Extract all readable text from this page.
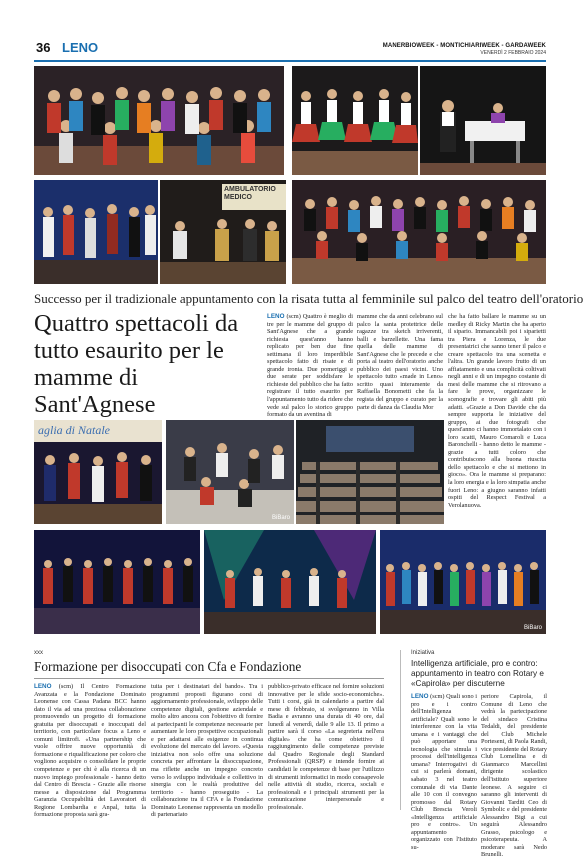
36 LENO	MANERBIOWEEK - MONTICHIARIWEEK - GARDAWEEK
VENERDÌ 2 FEBBRAIO 2024
AMBULATORIO MEDICO
Successo per il tradizionale appuntamento con la risata tutta al femminile sul palco del teatro dell'oratorio
Quattro spettacoli da tutto esaurito per le mamme di Sant'Agnese
LENO (scm) Quattro è meglio di tre per le mamme del gruppo di Sant'Agnese che a grande richiesta quest'anno hanno replicato per ben due fine settimana il loro imperdibile spettacolo fatto di risate e di grande ironia. Due pomeriggi e due serate per soddisfare le richieste del pubblico che ha fatto registrare il tutto esaurito per l'appuntamento tutto da ridere che vede sul palco lo storico gruppo formato da un aventina di
mamme che da anni celebrano sul palco la santa protettrice delle ragazze tra sketch irriverenti, balli e barzellette. Una fama quella delle mamme di Sant'Agnese che le precede e che porta al teatro dell'oratorio anche pubblico dei paesi vicini. Uno spettacolo tutto «made in Leno» scritto quasi interamente da Raffaella Bonometti che fa la regista del gruppo e curato per la parte di danza da Claudia Mor
che ha fatto ballare le mamme su un medley di Ricky Martin che ha aperto il sipario. Immancabili poi i siparietti tra Piera e Lorenza, le due presentatrici che sanno tener il palco e creare spettacolo tra una scenetta e l'altra. Un grande lavoro frutto di un affiatamento e una complicità coltivati negli anni e di un impegno costante di mesi delle mamme che si ritrovano a fare le prove, organizzare le scenografie e trovare gli abiti più adatti. «Grazie a Don Davide che da sempre supporta le iniziative del gruppo, ai due fotografi che quest'anno ci hanno immortalato con i loro scatti, Mauro Comaroli e Luca Baronchelli - hanno detto le mamme - grazie a tutti coloro che contribuiscono alla buona riuscita dello spettacolo e che si mettono in gioco». Ora le mamme si preparano: la loro energia e la loro simpatia anche fuori Leno: a giugno saranno infatti ospiti del Respect Festival a Verolanuova.
aglia di Natale
BiBaro
BiBaro
xxx
Formazione per disoccupati con Cfa e Fondazione
LENO (scm) Il Centro Formazione Avanzata e la Fondazione Dominato Leonense con Cassa Padana BCC hanno dato il via ad una preziosa collaborazione promuovendo un progetto di formazione gratuita per disoccupati e inoccupati del territorio, con particolare focus a Leno e comuni limitrofi. «Una partnership che vuole offrire nuove opportunità di formazione e riqualificazione per coloro che vogliono acquisire o consolidare le proprie competenze e per chi è alla ricerca di un nuovo impiego professionale - hanno detto dal Centro di Brescia - Grazie alle risorse messe a disposizione dal Programma Garanzia Occupabilità dei Lavoratori di Regione Lombardia e Anpal, tutta la formazione proposta sarà gra-
tuita per i destinatari del bando». Tra i programmi proposti figurano corsi di aggiornamento professionale, sviluppo delle competenze digitali, gestione aziendale e molto altro ancora con l'obiettivo di fornire ai partecipanti le competenze necessarie per aumentare le loro prospettive occupazionali e per adattarsi alle esigenze in continua evoluzione del mercato del lavoro. «Questa iniziativa non solo offre una soluzione concreta per affrontare la disoccupazione, ma riflette anche un impegno concreto verso lo sviluppo individuale e collettivo in sinergia con le realtà produttive del territorio - hanno proseguito - La collaborazione tra il CFA e la Fondazione Dominato Leonense rappresenta un modello di partenariato
pubblico-privato efficace nel fornire soluzioni innovative per le sfide socio-economiche». Tutti i corsi, già in calendario a partire dal mese di febbraio, si svolgeranno in Villa Badia e avranno una durata di 40 ore, dal lunedì al venerdì, dalle 9 alle 13. Il primo a partire sarà il corso «La segreteria nell'era digitale» che ha come obiettivo il raggiungimento delle competenze previste dal Quadro Regionale degli Standard Professionali (QRSP) e intende fornire ai candidati le competenze di base per l'utilizzo di strumenti informatici in modo consapevole nelle attività di studio, ricerca, sociali e professionali e i principali strumenti per la comunicazione interpersonale e professionale.
Iniziativa
Intelligenza artificiale, pro e contro: appuntamento in teatro con Rotary e «Capirola» per discuterne
LENO (scm) Quali sono i pro e i contro dell'Intelligenza artificiale? Quali sono le interferenze con la vita umana e i vantaggi che può apportare una tecnologia che simula i processi dell'intelligenza umana? Interrogativi di cui si parlerà domani, sabato 3 nel teatro comunale di via Dante alle 10 con il convegno promosso dal Rotary Club Brescia Veroli «Intelligenza artificiale pro e contro». Un appuntamento organizzato con l'Istituto su-
periore Capirola, il Comune di Leno che vedrà la partecipazione del sindaco Cristina Tedaldi, del presidente del Club Michele Porteseni, di Paola Randi, vice presidente del Rotary Club Lomellina e di Gianmarco Marcellini dirigente scolastico dell'istituto superiore leonese. A seguire ci saranno gli interventi di Giovanni Tarditi Ceo di Symbolic e del presidente Alessandro Bigi a cui seguirà Alessandro Grasso, psicologo e psicoterapeuta. A moderare sarà Nedo Brunelli.
